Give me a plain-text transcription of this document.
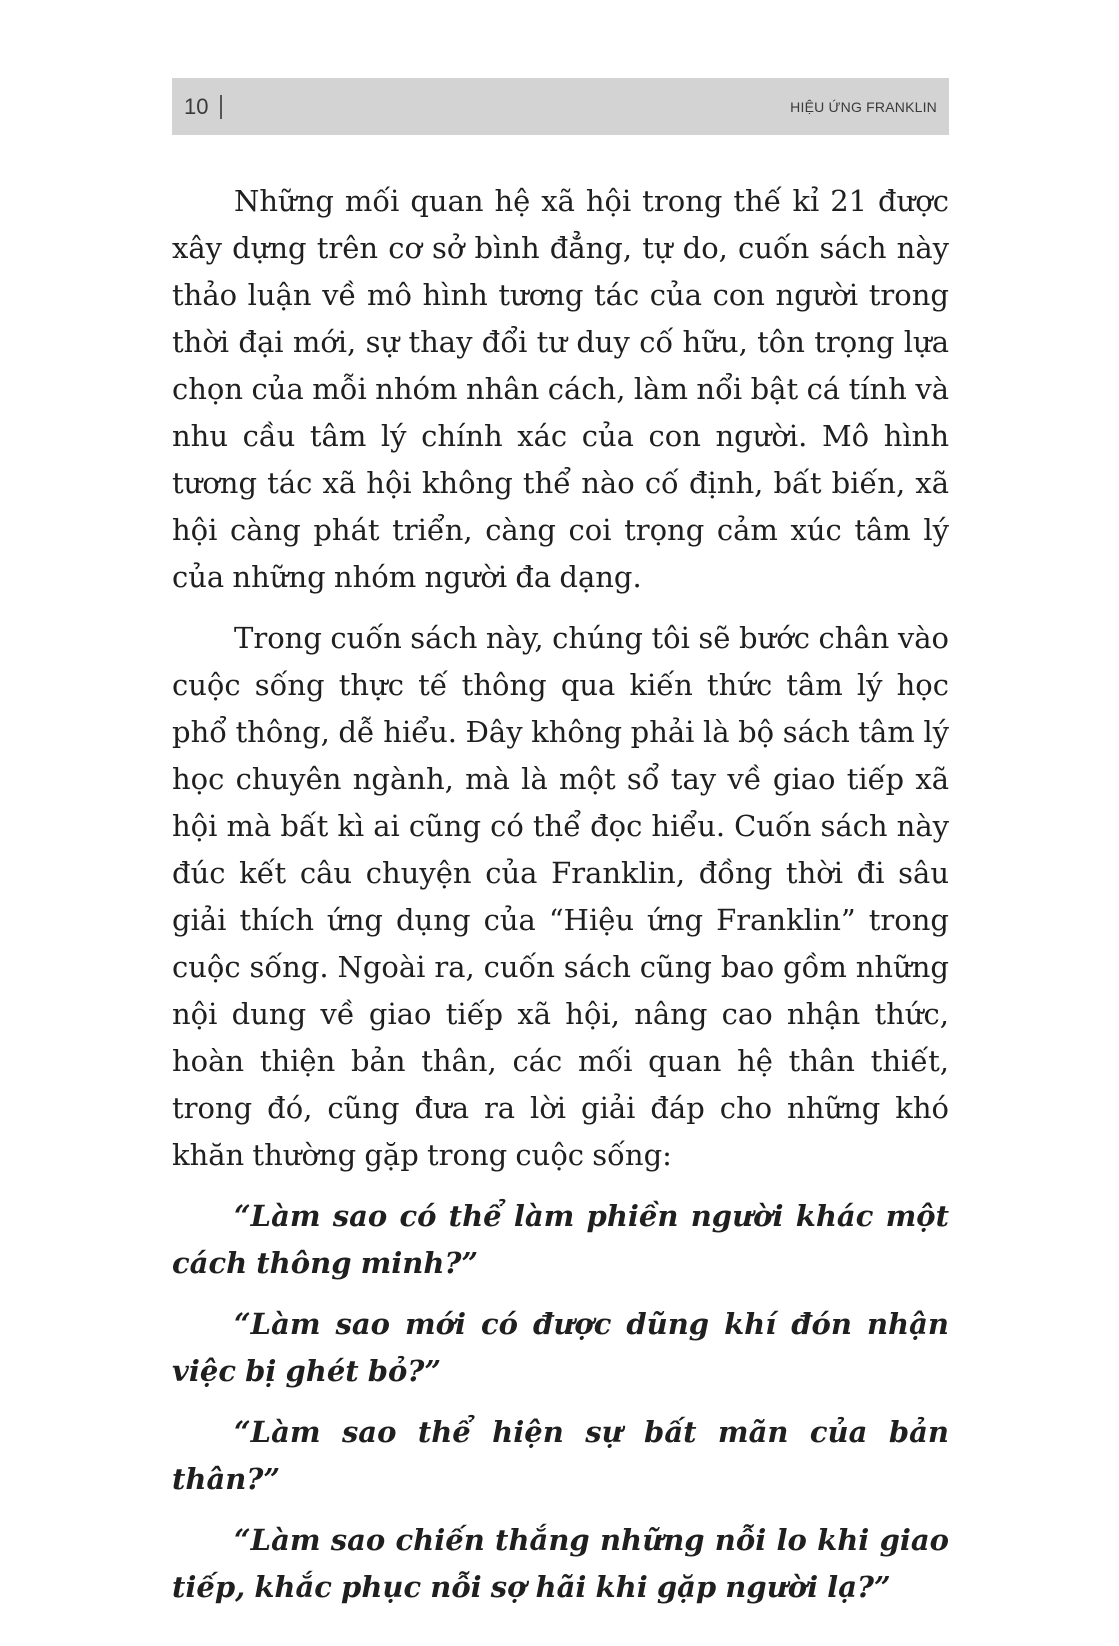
10	HIỆU ỨNG FRANKLIN

Những mối quan hệ xã hội trong thế kỉ 21 được xây dựng trên cơ sở bình đẳng, tự do, cuốn sách này thảo luận về mô hình tương tác của con người trong thời đại mới, sự thay đổi tư duy cố hữu, tôn trọng lựa chọn của mỗi nhóm nhân cách, làm nổi bật cá tính và nhu cầu tâm lý chính xác của con người. Mô hình tương tác xã hội không thể nào cố định, bất biến, xã hội càng phát triển, càng coi trọng cảm xúc tâm lý của những nhóm người đa dạng.

Trong cuốn sách này, chúng tôi sẽ bước chân vào cuộc sống thực tế thông qua kiến thức tâm lý học phổ thông, dễ hiểu. Đây không phải là bộ sách tâm lý học chuyên ngành, mà là một sổ tay về giao tiếp xã hội mà bất kì ai cũng có thể đọc hiểu. Cuốn sách này đúc kết câu chuyện của Franklin, đồng thời đi sâu giải thích ứng dụng của “Hiệu ứng Franklin” trong cuộc sống. Ngoài ra, cuốn sách cũng bao gồm những nội dung về giao tiếp xã hội, nâng cao nhận thức, hoàn thiện bản thân, các mối quan hệ thân thiết, trong đó, cũng đưa ra lời giải đáp cho những khó khăn thường gặp trong cuộc sống:

“Làm sao có thể làm phiền người khác một cách thông minh?”

“Làm sao mới có được dũng khí đón nhận việc bị ghét bỏ?”

“Làm sao thể hiện sự bất mãn của bản thân?”

“Làm sao chiến thắng những nỗi lo khi giao tiếp, khắc phục nỗi sợ hãi khi gặp người lạ?”
